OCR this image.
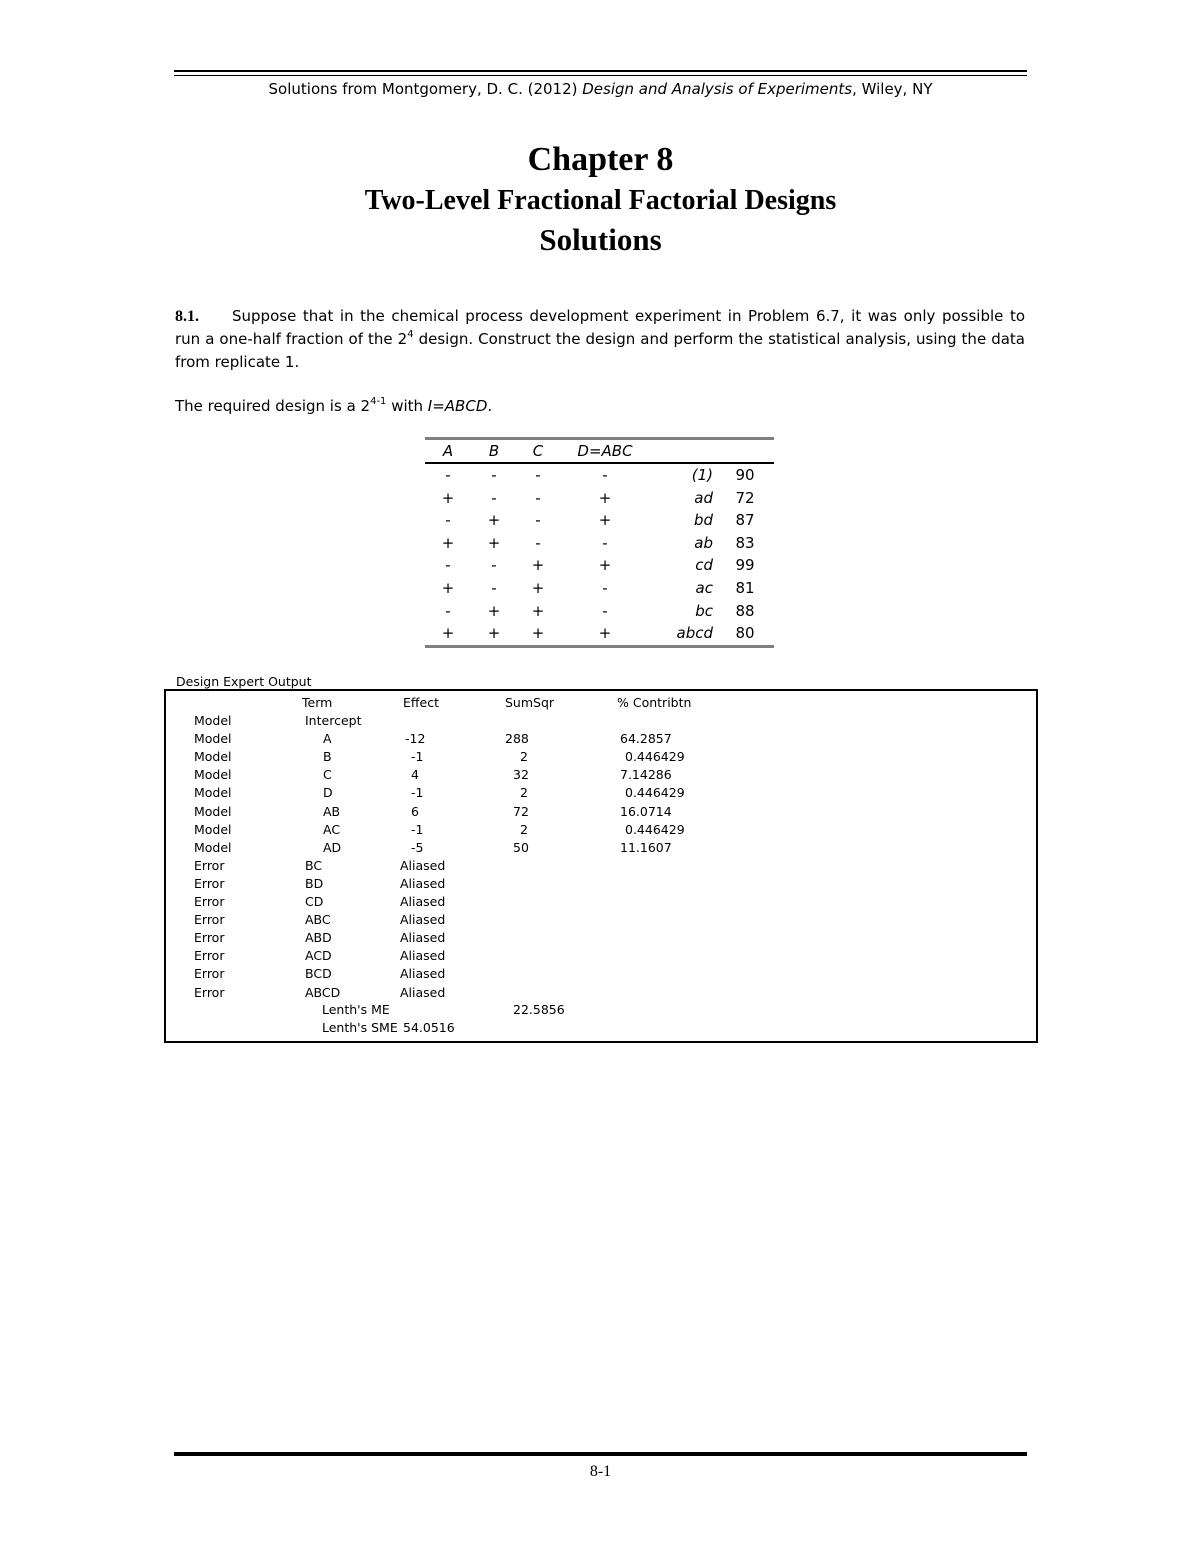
Solutions from Montgomery, D. C. (2012) Design and Analysis of Experiments, Wiley, NY
Chapter 8
Two-Level Fractional Factorial Designs
Solutions
8.1. Suppose that in the chemical process development experiment in Problem 6.7, it was only possible to run a one-half fraction of the $2^4$ design. Construct the design and perform the statistical analysis, using the data from replicate 1.
The required design is a 2$^{4-1}$ with I=ABCD.
A	B	C	D=ABC
-	-	-	-	(1)	90
+	-	-	+	ad	72
-	+	-	+	bd	87
+	+	-	-	ab	83
-	-	+	+	cd	99
+	-	+	-	ac	81
-	+	+	-	bc	88
+	+	+	+	abcd	80
Design Expert Output
Term	Effect	SumSqr	% Contribtn
Model	Intercept
Model	A	-12	288	64.2857
Model	B	-1	2	0.446429
Model	C	4	32	7.14286
Model	D	-1	2	0.446429
Model	AB	6	72	16.0714
Model	AC	-1	2	0.446429
Model	AD	-5	50	11.1607
Error	BC	Aliased
Error	BD	Aliased
Error	CD	Aliased
Error	ABC	Aliased
Error	ABD	Aliased
Error	ACD	Aliased
Error	BCD	Aliased
Error	ABCD	Aliased
Lenth's ME	22.5856
Lenth's SME 54.0516
8-1
